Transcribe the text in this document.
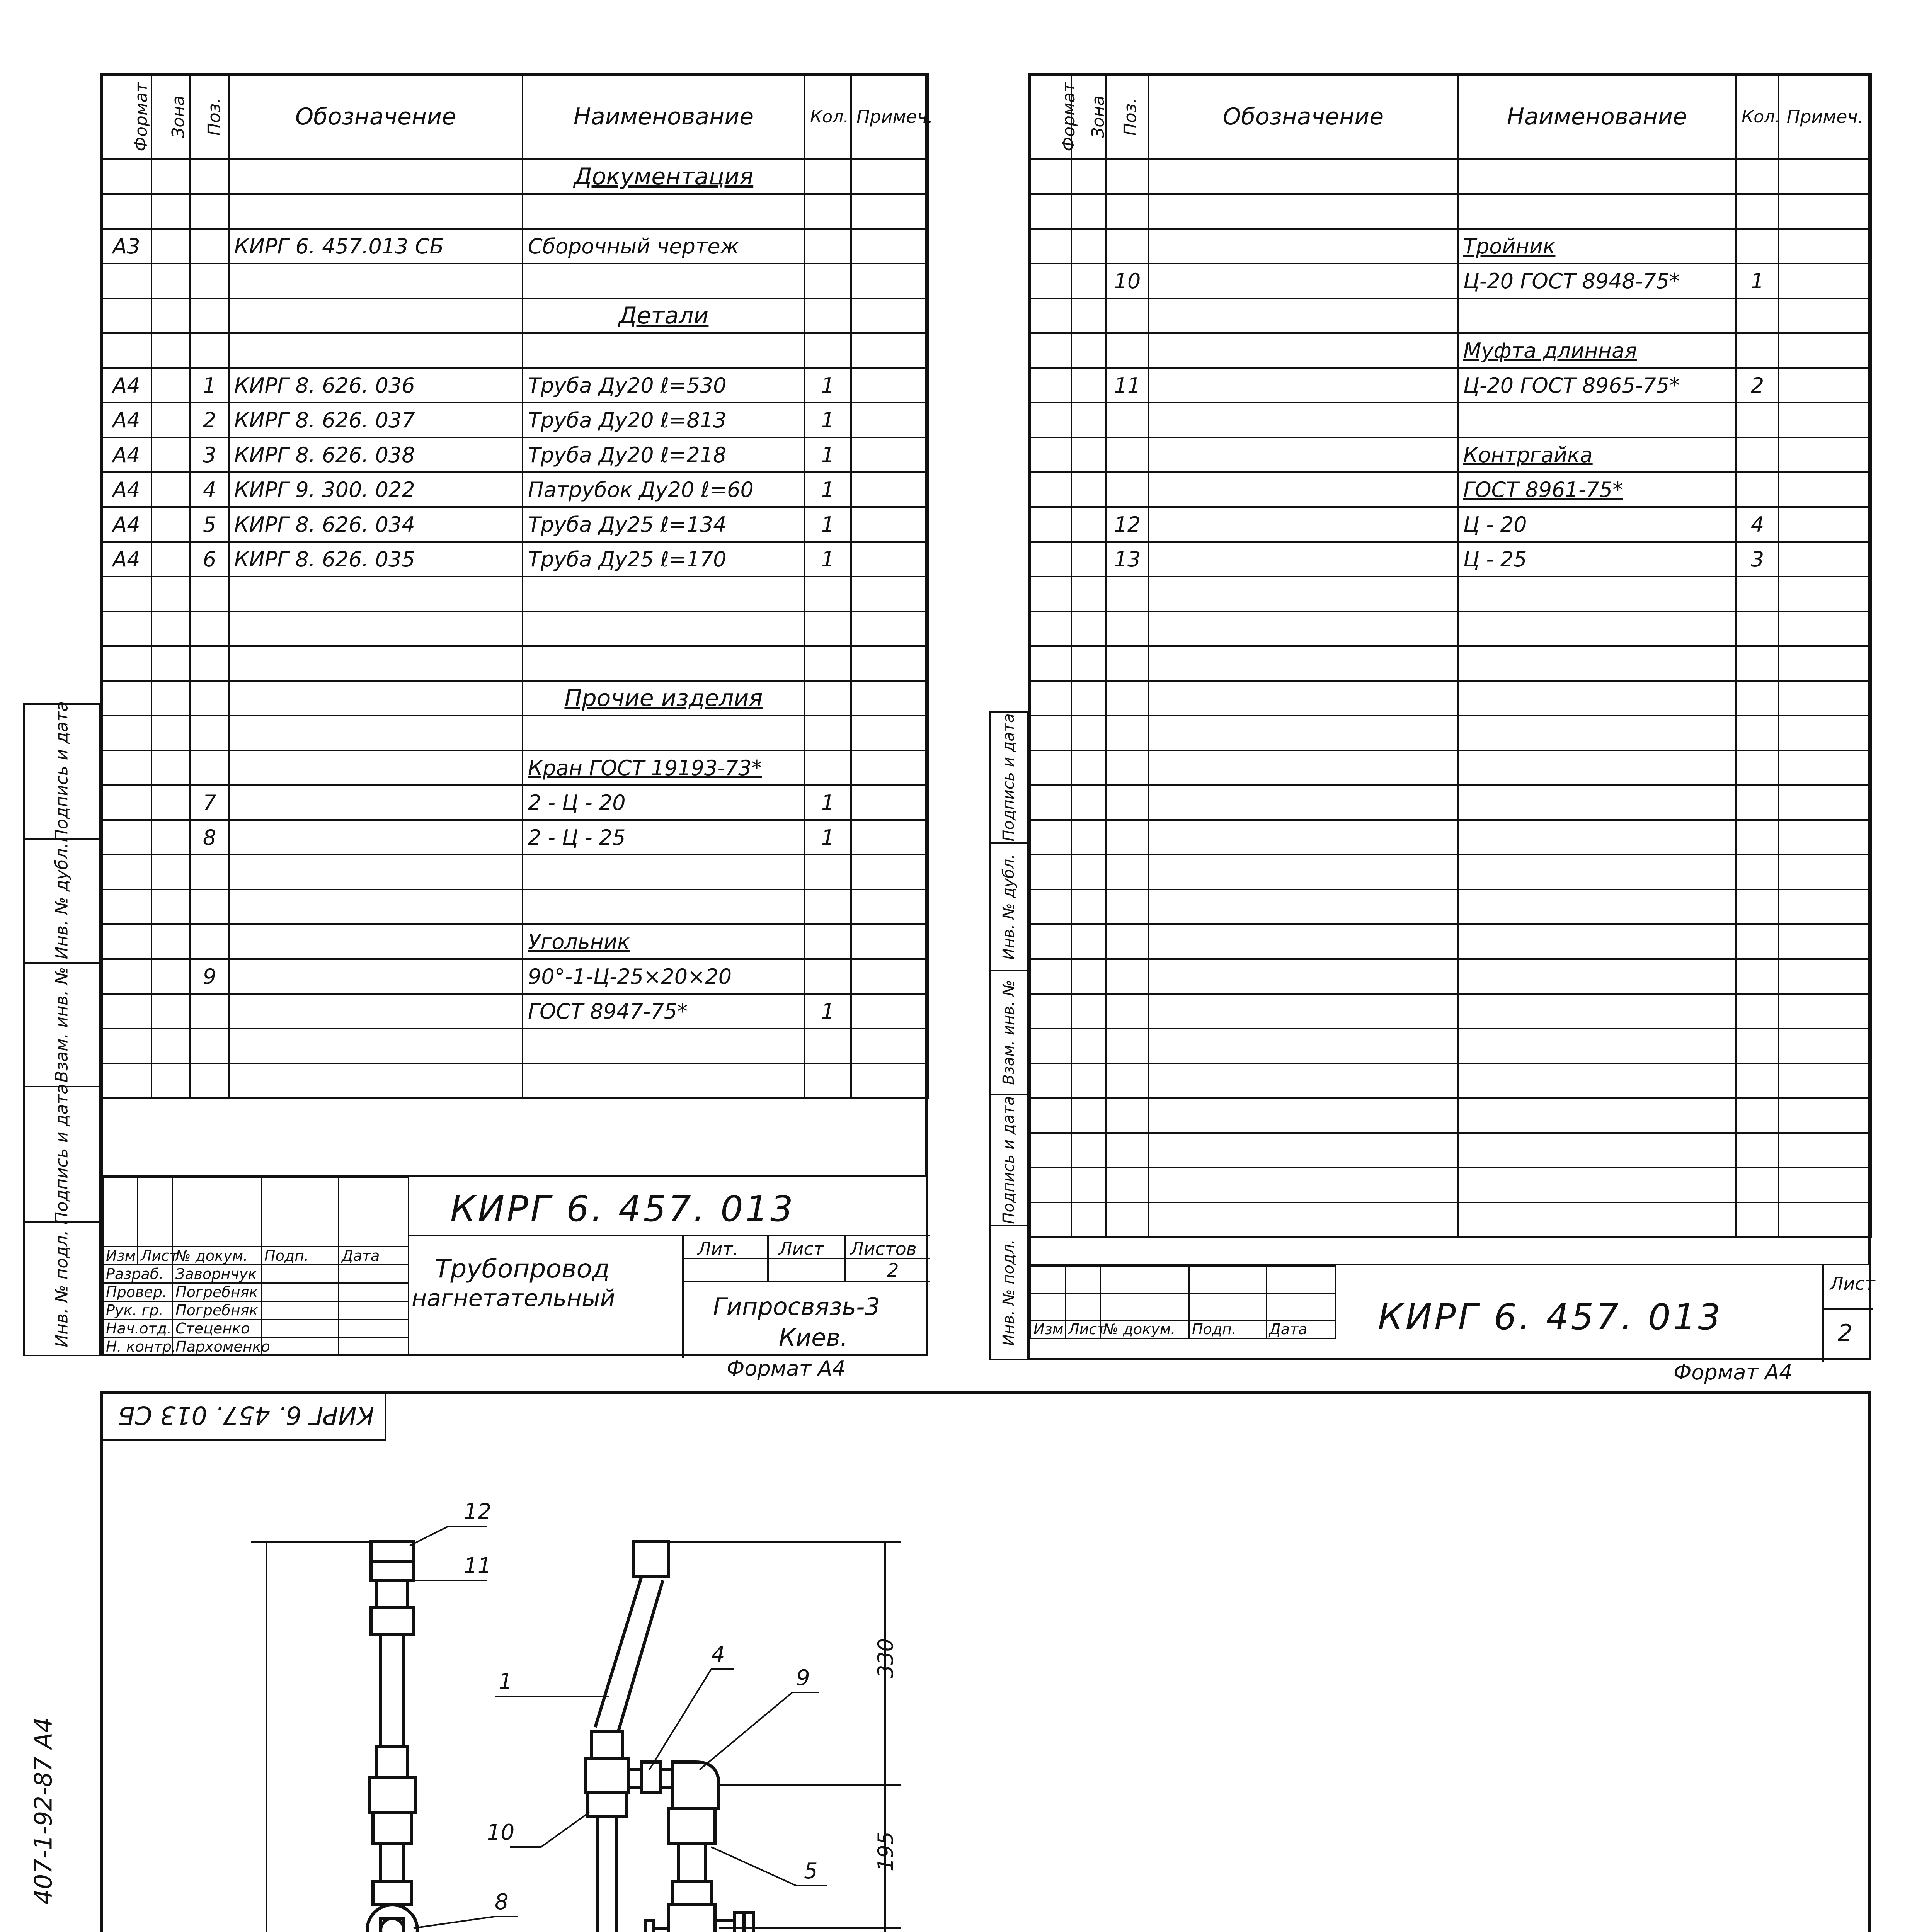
Подпись и дата
Инв. № дубл.
Взам. инв. №
Подпись и дата
Инв. № подл.
Формат	Зона	Поз.	Обозначение	Наименование	Кол.	Примеч.
				Документация		

А3			КИРГ 6. 457.013 СБ	Сборочный чертеж		

				Детали		

А4		1	КИРГ 8. 626. 036	Труба Ду20 ℓ=530	1	
А4		2	КИРГ 8. 626. 037	Труба Ду20 ℓ=813	1	
А4		3	КИРГ 8. 626. 038	Труба Ду20 ℓ=218	1	
А4		4	КИРГ 9. 300. 022	Патрубок Ду20 ℓ=60	1	
А4		5	КИРГ 8. 626. 034	Труба Ду25 ℓ=134	1	
А4		6	КИРГ 8. 626. 035	Труба Ду25 ℓ=170	1	

				Прочие изделия		

				Кран ГОСТ 19193-73*		
		7		2 - Ц - 20	1	
		8		2 - Ц - 25	1	

				Угольник		
		9		90°-1-Ц-25×20×20		
				ГОСТ 8947-75*	1	

Изм	Лист	№ докум.	Подп.	Дата
Разраб.		Заворнчук		
Провер.		Погребняк		
Рук. гр.		Погребняк		
Нач.отд.		Стеценко		
Н. контр.		Пархоменко		
КИРГ 6. 457. 013
Трубопровод
нагнетательный
Лит. Лист Листов
2
Гипросвязь-3
Киев.
Формат А4
Подпись и дата
Инв. № дубл.
Взам. инв. №
Подпись и дата
Инв. № подл.
Формат	Зона	Поз.	Обозначение	Наименование	Кол.	Примеч.

				Тройник		
		10		Ц-20 ГОСТ 8948-75*	1	

				Муфта длинная		
		11		Ц-20 ГОСТ 8965-75*	2	

				Контргайка		
				ГОСТ 8961-75*		
		12		Ц - 20	4	
		13		Ц - 25	3	

Изм	Лист	№ докум.	Подп.	Дата КИРГ 6. 457. 013
Лист
2
Формат А4
КИРГ 6. 457. 013 СБ
407-1-92-87 А4
12
11
1
4
9
10
8
5
330
195
